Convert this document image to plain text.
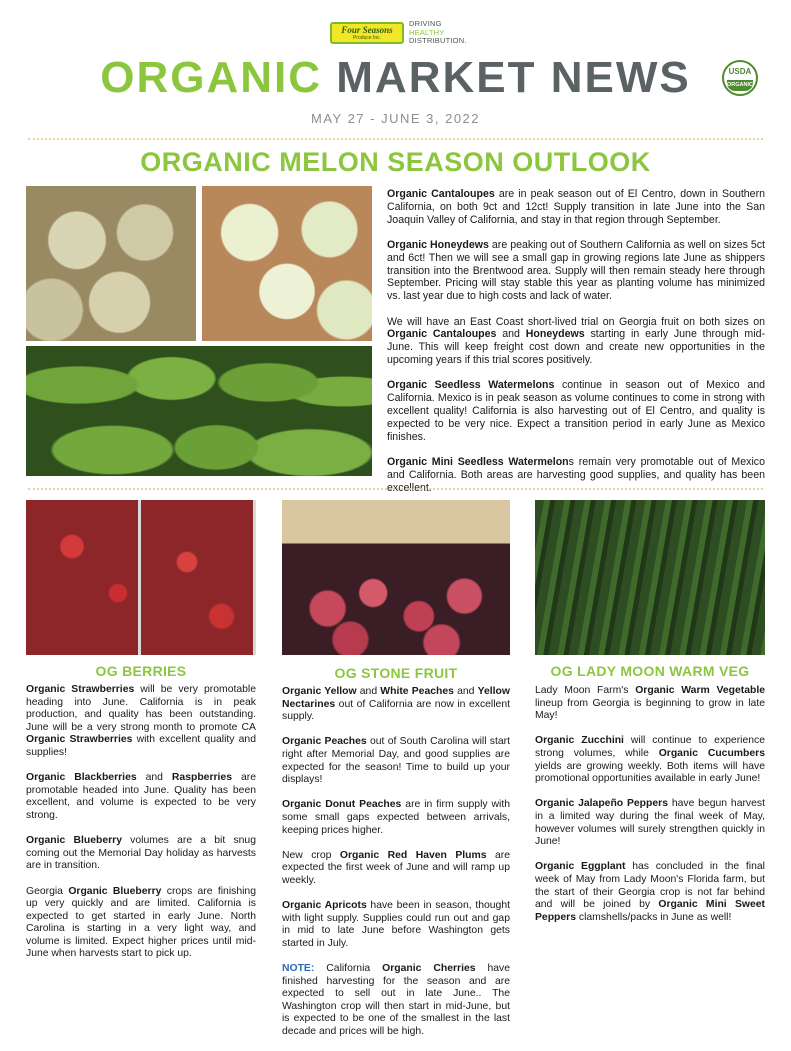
Four Seasons
Produce Inc.
DRIVING
HEALTHY
DISTRIBUTION.
ORGANIC MARKET NEWS	USDA
ORGANIC
MAY 27 - JUNE 3, 2022
ORGANIC MELON SEASON OUTLOOK

Organic Cantaloupes are in peak season out of El Centro, down in Southern California, on both 9ct and 12ct! Supply transition in late June into the San Joaquin Valley of California, and stay in that region through September.

Organic Honeydews are peaking out of Southern California as well on sizes 5ct and 6ct! Then we will see a small gap in growing regions late June as shippers transition into the Brentwood area. Supply will then remain steady here through September. Pricing will stay stable this year as planting volume has minimized vs. last year due to high costs and lack of water.

We will have an East Coast short-lived trial on Georgia fruit on both sizes on Organic Cantaloupes and Honeydews starting in early June through mid-June. This will keep freight cost down and create new opportunities in the upcoming years if this trial scores positively.

Organic Seedless Watermelons continue in season out of Mexico and California. Mexico is in peak season as volume continues to come in strong with excellent quality! California is also harvesting out of El Centro, and quality is expected to be very nice. Expect a transition period in early June as Mexico finishes.

Organic Mini Seedless Watermelons remain very promotable out of Mexico and California. Both areas are harvesting good supplies, and quality has been excellent.

OG BERRIES	OG STONE FRUIT	OG LADY MOON WARM VEG

Organic Strawberries will be very promotable heading into June. California is in peak production, and quality has been outstanding. June will be a very strong month to promote CA Organic Strawberries with excellent quality and supplies!

Organic Blackberries and Raspberries are promotable headed into June. Quality has been excellent, and volume is expected to be very strong.

Organic Blueberry volumes are a bit snug coming out the Memorial Day holiday as harvests are in transition.

Georgia Organic Blueberry crops are finishing up very quickly and are limited. California is expected to get started in early June. North Carolina is starting in a very light way, and volume is limited. Expect higher prices until mid-June when harvests start to pick up.

Organic Yellow and White Peaches and Yellow Nectarines out of California are now in excellent supply.

Organic Peaches out of South Carolina will start right after Memorial Day, and good supplies are expected for the season! Time to build up your displays!

Organic Donut Peaches are in firm supply with some small gaps expected between arrivals, keeping prices higher.

New crop Organic Red Haven Plums are expected the first week of June and will ramp up weekly.

Organic Apricots have been in season, thought with light supply. Supplies could run out and gap in mid to late June before Washington gets started in July.

NOTE: California Organic Cherries have finished harvesting for the season and are expected to sell out in late June.. The Washington crop will then start in mid-June, but is expected to be one of the smallest in the last decade and prices will be high.

Lady Moon Farm's Organic Warm Vegetable lineup from Georgia is beginning to grow in late May!

Organic Zucchini will continue to experience strong volumes, while Organic Cucumbers yields are growing weekly. Both items will have promotional opportunities available in early June!

Organic Jalapeño Peppers have begun harvest in a limited way during the final week of May, however volumes will surely strengthen quickly in June!

Organic Eggplant has concluded in the final week of May from Lady Moon's Florida farm, but the start of their Georgia crop is not far behind and will be joined by Organic Mini Sweet Peppers clamshells/packs in June as well!
